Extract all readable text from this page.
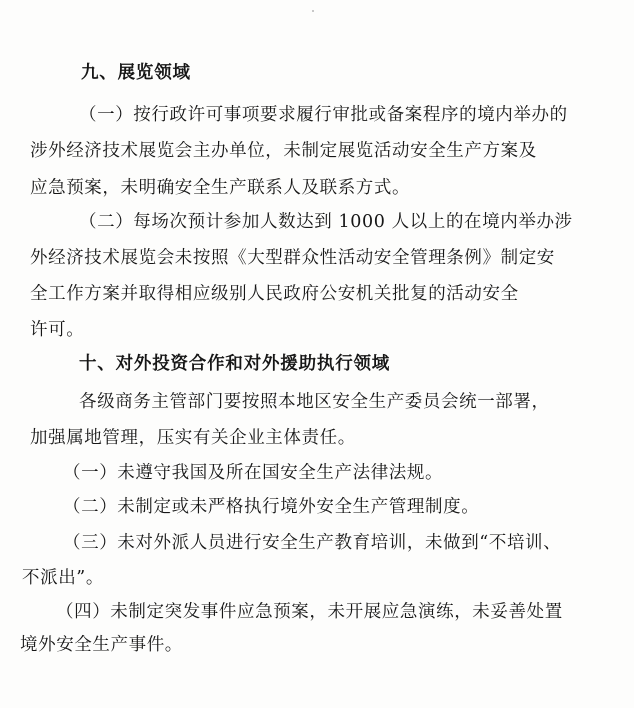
九、展览领域
（一）按行政许可事项要求履行审批或备案程序的境内举办的
涉外经济技术展览会主办单位，未制定展览活动安全生产方案及
应急预案，未明确安全生产联系人及联系方式。
（二）每场次预计参加人数达到 1000 人以上的在境内举办涉
外经济技术展览会未按照《大型群众性活动安全管理条例》制定安
全工作方案并取得相应级别人民政府公安机关批复的活动安全
许可。
十、对外投资合作和对外援助执行领域
各级商务主管部门要按照本地区安全生产委员会统一部署，
加强属地管理，压实有关企业主体责任。
（一）未遵守我国及所在国安全生产法律法规。
（二）未制定或未严格执行境外安全生产管理制度。
（三）未对外派人员进行安全生产教育培训，未做到“不培训、
不派出”。
（四）未制定突发事件应急预案，未开展应急演练，未妥善处置
境外安全生产事件。
